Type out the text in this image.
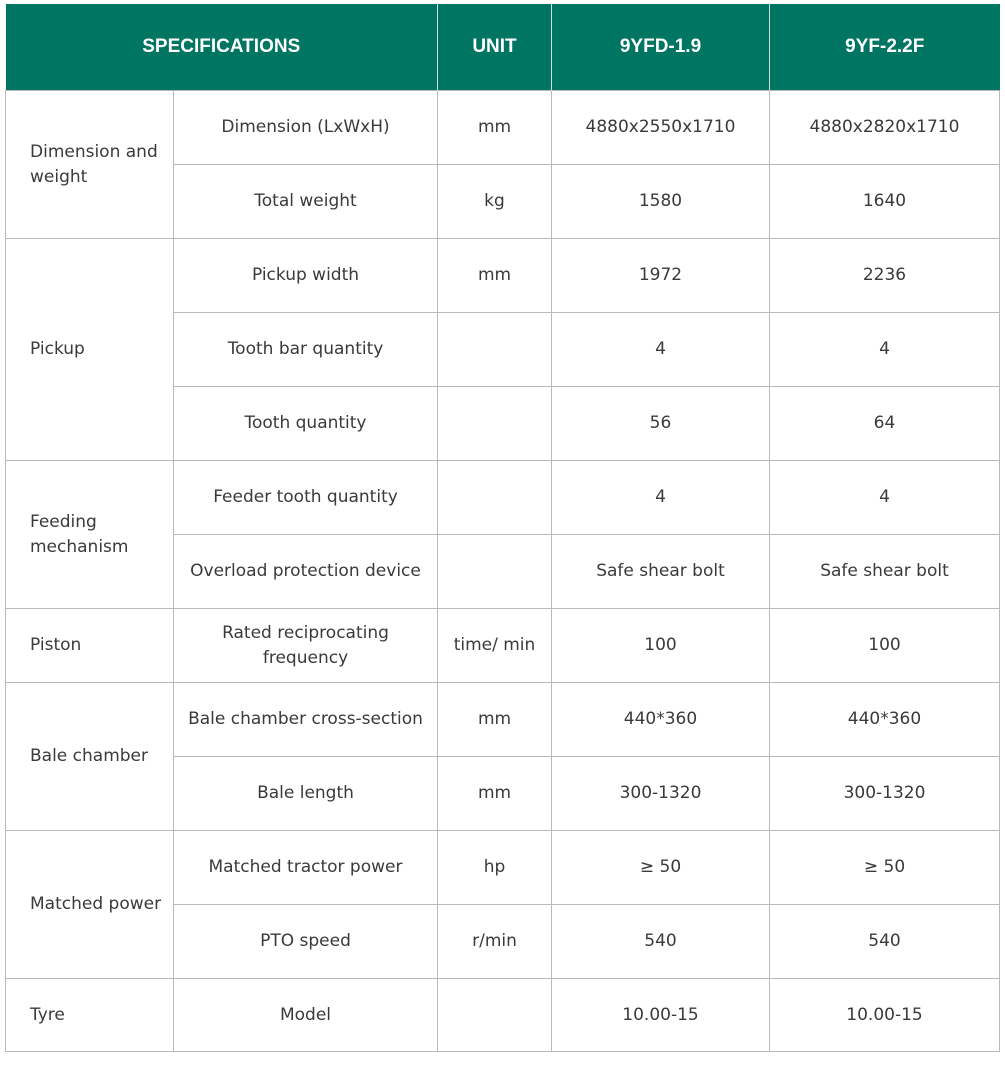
SPECIFICATIONS		UNIT	9YFD-1.9	9YF-2.2F
Dimension and weight	Dimension (LxWxH)	mm	4880x2550x1710	4880x2820x1710
	Total weight	kg	1580	1640
Pickup	Pickup width	mm	1972	2236
	Tooth bar quantity		4	4
	Tooth quantity		56	64
Feeding mechanism	Feeder tooth quantity		4	4
	Overload protection device		Safe shear bolt	Safe shear bolt
Piston	Rated reciprocating frequency	time/ min	100	100
Bale chamber	Bale chamber cross-section	mm	440*360	440*360
	Bale length	mm	300-1320	300-1320
Matched power	Matched tractor power	hp	≥ 50	≥ 50
	PTO speed	r/min	540	540
Tyre	Model		10.00-15	10.00-15
